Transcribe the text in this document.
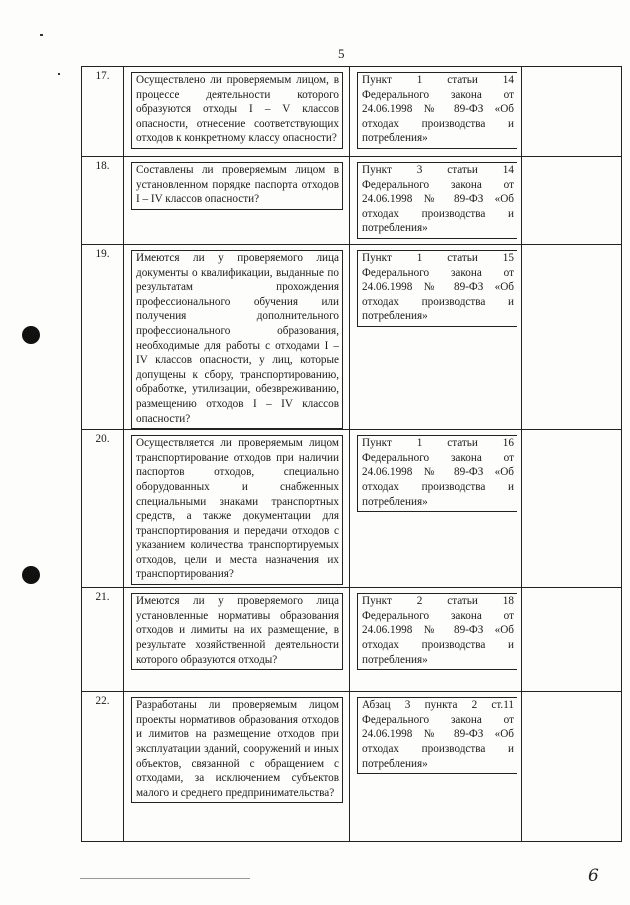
5
17.	Осуществлено ли проверяемым лицом, в процессе деятельности которого образуются отходы I – V классов опасности, отнесение соответствующих отходов к конкретному классу опасности?	Пункт 1 статьи 14 Федерального закона от 24.06.1998 № 89-ФЗ «Об отходах производства и потребления»	

18.	Составлены ли проверяемым лицом в установленном порядке паспорта отходов I – IV классов опасности?	Пункт 3 статьи 14 Федерального закона от 24.06.1998 № 89-ФЗ «Об отходах производства и потребления»	

19.	Имеются ли у проверяемого лица документы о квалификации, выданные по результатам прохождения профессионального обучения или получения дополнительного профессионального образования, необходимые для работы с отходами I – IV классов опасности, у лиц, которые допущены к сбору, транспортированию, обработке, утилизации, обезвреживанию, размещению отходов I – IV классов опасности?	Пункт 1 статьи 15 Федерального закона от 24.06.1998 № 89-ФЗ «Об отходах производства и потребления»	

20.	Осуществляется ли проверяемым лицом транспортирование отходов при наличии паспортов отходов, специально оборудованных и снабженных специальными знаками транспортных средств, а также документации для транспортирования и передачи отходов с указанием количества транспортируемых отходов, цели и места назначения их транспортирования?	Пункт 1 статьи 16 Федерального закона от 24.06.1998 № 89-ФЗ «Об отходах производства и потребления»	

21.	Имеются ли у проверяемого лица установленные нормативы образования отходов и лимиты на их размещение, в результате хозяйственной деятельности которого образуются отходы?	Пункт 2 статьи 18 Федерального закона от 24.06.1998 № 89-ФЗ «Об отходах производства и потребления»	

22.	Разработаны ли проверяемым лицом проекты нормативов образования отходов и лимитов на размещение отходов при эксплуатации зданий, сооружений и иных объектов, связанной с обращением с отходами, за исключением субъектов малого и среднего предпринимательства?	Абзац 3 пункта 2 ст.11 Федерального закона от 24.06.1998 № 89-ФЗ «Об отходах производства и потребления»	

6
